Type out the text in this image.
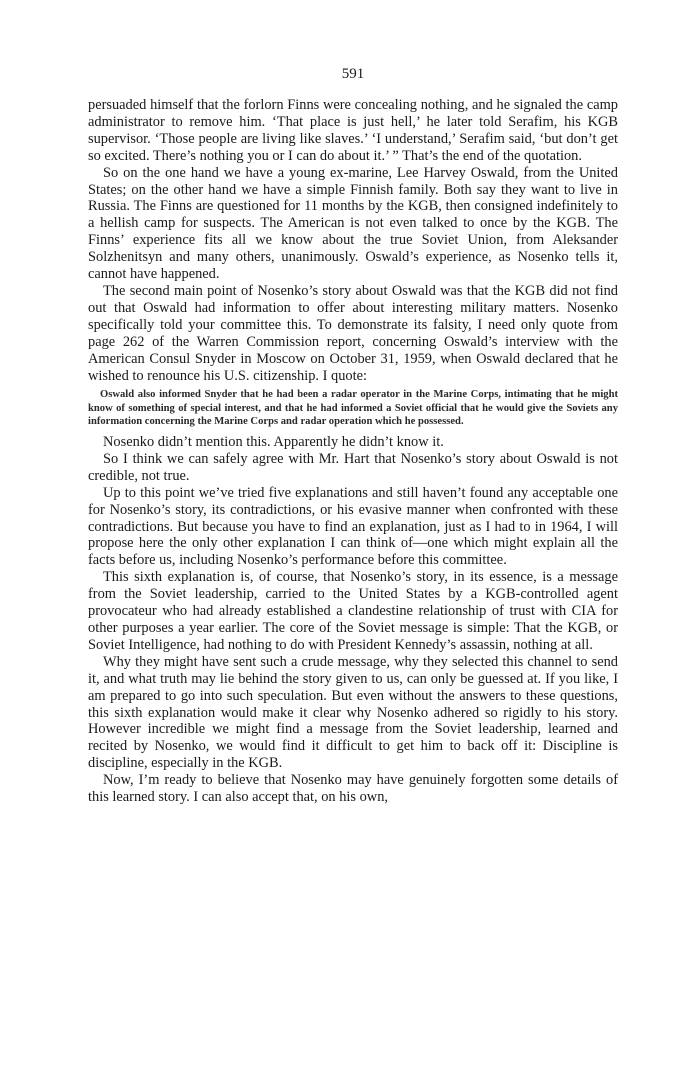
591

persuaded himself that the forlorn Finns were concealing nothing, and he signaled the camp administrator to remove him. ‘That place is just hell,’ he later told Serafim, his KGB supervisor. ‘Those people are living like slaves.’ ‘I understand,’ Serafim said, ‘but don’t get so excited. There’s nothing you or I can do about it.’ ” That’s the end of the quotation.

So on the one hand we have a young ex-marine, Lee Harvey Oswald, from the United States; on the other hand we have a simple Finnish family. Both say they want to live in Russia. The Finns are questioned for 11 months by the KGB, then consigned indefinitely to a hellish camp for suspects. The American is not even talked to once by the KGB. The Finns’ experience fits all we know about the true Soviet Union, from Aleksander Solzhenitsyn and many others, unanimously. Oswald’s experience, as Nosenko tells it, cannot have happened.

The second main point of Nosenko’s story about Oswald was that the KGB did not find out that Oswald had information to offer about interesting military matters. Nosenko specifically told your committee this. To demonstrate its falsity, I need only quote from page 262 of the Warren Commission report, concerning Oswald’s interview with the American Consul Snyder in Moscow on October 31, 1959, when Oswald declared that he wished to renounce his U.S. citizenship. I quote:

Oswald also informed Snyder that he had been a radar operator in the Marine Corps, intimating that he might know of something of special interest, and that he had informed a Soviet official that he would give the Soviets any information concerning the Marine Corps and radar operation which he possessed.

Nosenko didn’t mention this. Apparently he didn’t know it.

So I think we can safely agree with Mr. Hart that Nosenko’s story about Oswald is not credible, not true.

Up to this point we’ve tried five explanations and still haven’t found any acceptable one for Nosenko’s story, its contradictions, or his evasive manner when confronted with these contradictions. But because you have to find an explanation, just as I had to in 1964, I will propose here the only other explanation I can think of—one which might explain all the facts before us, including Nosenko’s performance before this committee.

This sixth explanation is, of course, that Nosenko’s story, in its essence, is a message from the Soviet leadership, carried to the United States by a KGB-controlled agent provocateur who had already established a clandestine relationship of trust with CIA for other purposes a year earlier. The core of the Soviet message is simple: That the KGB, or Soviet Intelligence, had nothing to do with President Kennedy’s assassin, nothing at all.

Why they might have sent such a crude message, why they selected this channel to send it, and what truth may lie behind the story given to us, can only be guessed at. If you like, I am prepared to go into such speculation. But even without the answers to these questions, this sixth explanation would make it clear why Nosenko adhered so rigidly to his story. However incredible we might find a message from the Soviet leadership, learned and recited by Nosenko, we would find it difficult to get him to back off it: Discipline is discipline, especially in the KGB.

Now, I’m ready to believe that Nosenko may have genuinely forgotten some details of this learned story. I can also accept that, on his own,
